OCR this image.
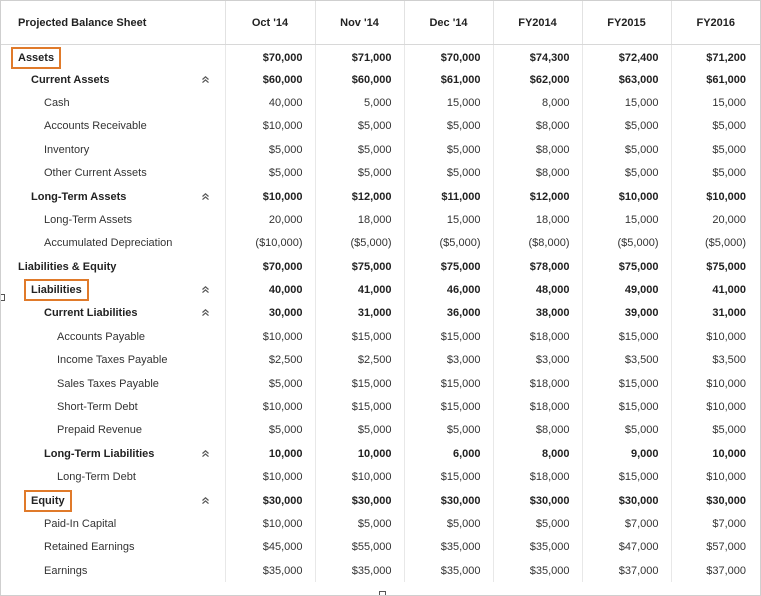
Projected Balance Sheet	Oct '14	Nov '14	Dec '14	FY2014	FY2015	FY2016
Assets	$70,000	$71,000	$70,000	$74,300	$72,400	$71,200
Current Assets	$60,000	$60,000	$61,000	$62,000	$63,000	$61,000
Cash	40,000	5,000	15,000	8,000	15,000	15,000
Accounts Receivable	$10,000	$5,000	$5,000	$8,000	$5,000	$5,000
Inventory	$5,000	$5,000	$5,000	$8,000	$5,000	$5,000
Other Current Assets	$5,000	$5,000	$5,000	$8,000	$5,000	$5,000
Long-Term Assets	$10,000	$12,000	$11,000	$12,000	$10,000	$10,000
Long-Term Assets	20,000	18,000	15,000	18,000	15,000	20,000
Accumulated Depreciation	($10,000)	($5,000)	($5,000)	($8,000)	($5,000)	($5,000)
Liabilities & Equity	$70,000	$75,000	$75,000	$78,000	$75,000	$75,000
Liabilities	40,000	41,000	46,000	48,000	49,000	41,000
Current Liabilities	30,000	31,000	36,000	38,000	39,000	31,000
Accounts Payable	$10,000	$15,000	$15,000	$18,000	$15,000	$10,000
Income Taxes Payable	$2,500	$2,500	$3,000	$3,000	$3,500	$3,500
Sales Taxes Payable	$5,000	$15,000	$15,000	$18,000	$15,000	$10,000
Short-Term Debt	$10,000	$15,000	$15,000	$18,000	$15,000	$10,000
Prepaid Revenue	$5,000	$5,000	$5,000	$8,000	$5,000	$5,000
Long-Term Liabilities	10,000	10,000	6,000	8,000	9,000	10,000
Long-Term Debt	$10,000	$10,000	$15,000	$18,000	$15,000	$10,000
Equity	$30,000	$30,000	$30,000	$30,000	$30,000	$30,000
Paid-In Capital	$10,000	$5,000	$5,000	$5,000	$7,000	$7,000
Retained Earnings	$45,000	$55,000	$35,000	$35,000	$47,000	$57,000
Earnings	$35,000	$35,000	$35,000	$35,000	$37,000	$37,000
